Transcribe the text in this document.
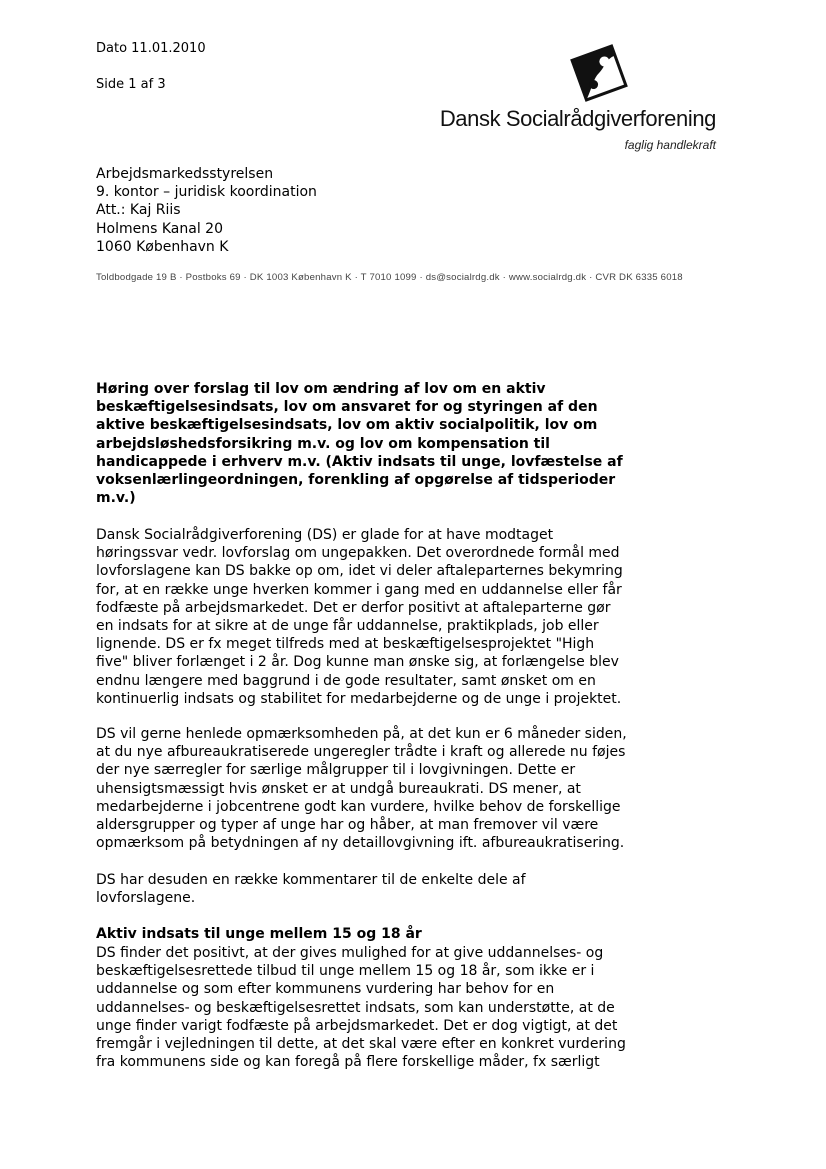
Dato 11.01.2010
Side 1 af 3
Dansk Socialrådgiverforening
faglig handlekraft
Arbejdsmarkedsstyrelsen
9. kontor – juridisk koordination
Att.: Kaj Riis
Holmens Kanal 20
1060 København K
Toldbodgade 19 B · Postboks 69 · DK 1003 København K · T 7010 1099 · ds@socialrdg.dk · www.socialrdg.dk · CVR DK 6335 6018
Høring over forslag til lov om ændring af lov om en aktiv
beskæftigelsesindsats, lov om ansvaret for og styringen af den
aktive beskæftigelsesindsats, lov om aktiv socialpolitik, lov om
arbejdsløshedsforsikring m.v. og lov om kompensation til
handicappede i erhverv m.v. (Aktiv indsats til unge, lovfæstelse af
voksenlærlingeordningen, forenkling af opgørelse af tidsperioder
m.v.)
Dansk Socialrådgiverforening (DS) er glade for at have modtaget
høringssvar vedr. lovforslag om ungepakken. Det overordnede formål med
lovforslagene kan DS bakke op om, idet vi deler aftaleparternes bekymring
for, at en række unge hverken kommer i gang med en uddannelse eller får
fodfæste på arbejdsmarkedet. Det er derfor positivt at aftaleparterne gør
en indsats for at sikre at de unge får uddannelse, praktikplads, job eller
lignende. DS er fx meget tilfreds med at beskæftigelsesprojektet "High
five" bliver forlænget i 2 år. Dog kunne man ønske sig, at forlængelse blev
endnu længere med baggrund i de gode resultater, samt ønsket om en
kontinuerlig indsats og stabilitet for medarbejderne og de unge i projektet.
DS vil gerne henlede opmærksomheden på, at det kun er 6 måneder siden,
at du nye afbureaukratiserede ungeregler trådte i kraft og allerede nu føjes
der nye særregler for særlige målgrupper til i lovgivningen. Dette er
uhensigtsmæssigt hvis ønsket er at undgå bureaukrati. DS mener, at
medarbejderne i jobcentrene godt kan vurdere, hvilke behov de forskellige
aldersgrupper og typer af unge har og håber, at man fremover vil være
opmærksom på betydningen af ny detaillovgivning ift. afbureaukratisering.
DS har desuden en række kommentarer til de enkelte dele af
lovforslagene.
Aktiv indsats til unge mellem 15 og 18 år
DS finder det positivt, at der gives mulighed for at give uddannelses- og
beskæftigelsesrettede tilbud til unge mellem 15 og 18 år, som ikke er i
uddannelse og som efter kommunens vurdering har behov for en
uddannelses- og beskæftigelsesrettet indsats, som kan understøtte, at de
unge finder varigt fodfæste på arbejdsmarkedet. Det er dog vigtigt, at det
fremgår i vejledningen til dette, at det skal være efter en konkret vurdering
fra kommunens side og kan foregå på flere forskellige måder, fx særligt
